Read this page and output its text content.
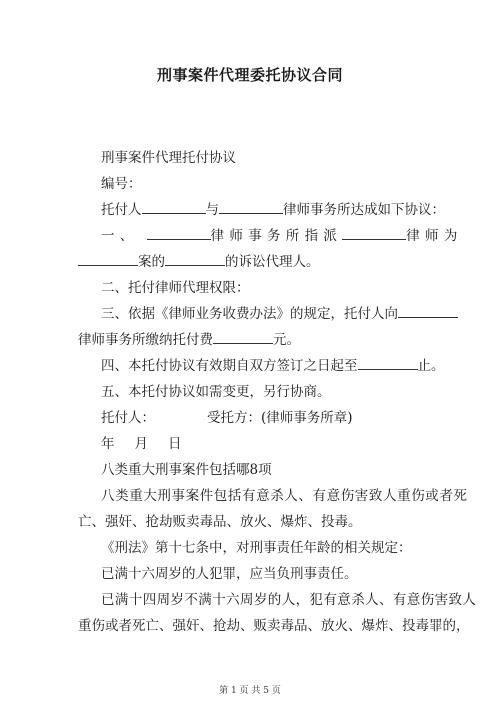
刑事案件代理委托协议合同
刑事案件代理托付协议
编号：
托付人	与	律师事务所达成如下协议：
一、	律师事务所指派	律师为
案的	的诉讼代理人。
二、托付律师代理权限：
三、依据《律师业务收费办法》的规定，托付人向
律师事务所缴纳托付费	元。
四、本托付协议有效期自双方签订之日起至	止。
五、本托付协议如需变更，另行协商。
托付人：	受托方：(律师事务所章)
年 月 日
八类重大刑事案件包括哪8项
八类重大刑事案件包括有意杀人、有意伤害致人重伤或者死
亡、强奸、抢劫贩卖毒品、放火、爆炸、投毒。
《刑法》第十七条中，对刑事责任年龄的相关规定：
已满十六周岁的人犯罪，应当负刑事责任。
已满十四周岁不满十六周岁的人，犯有意杀人、有意伤害致人
重伤或者死亡、强奸、抢劫、贩卖毒品、放火、爆炸、投毒罪的，
第 1 页 共 5 页
